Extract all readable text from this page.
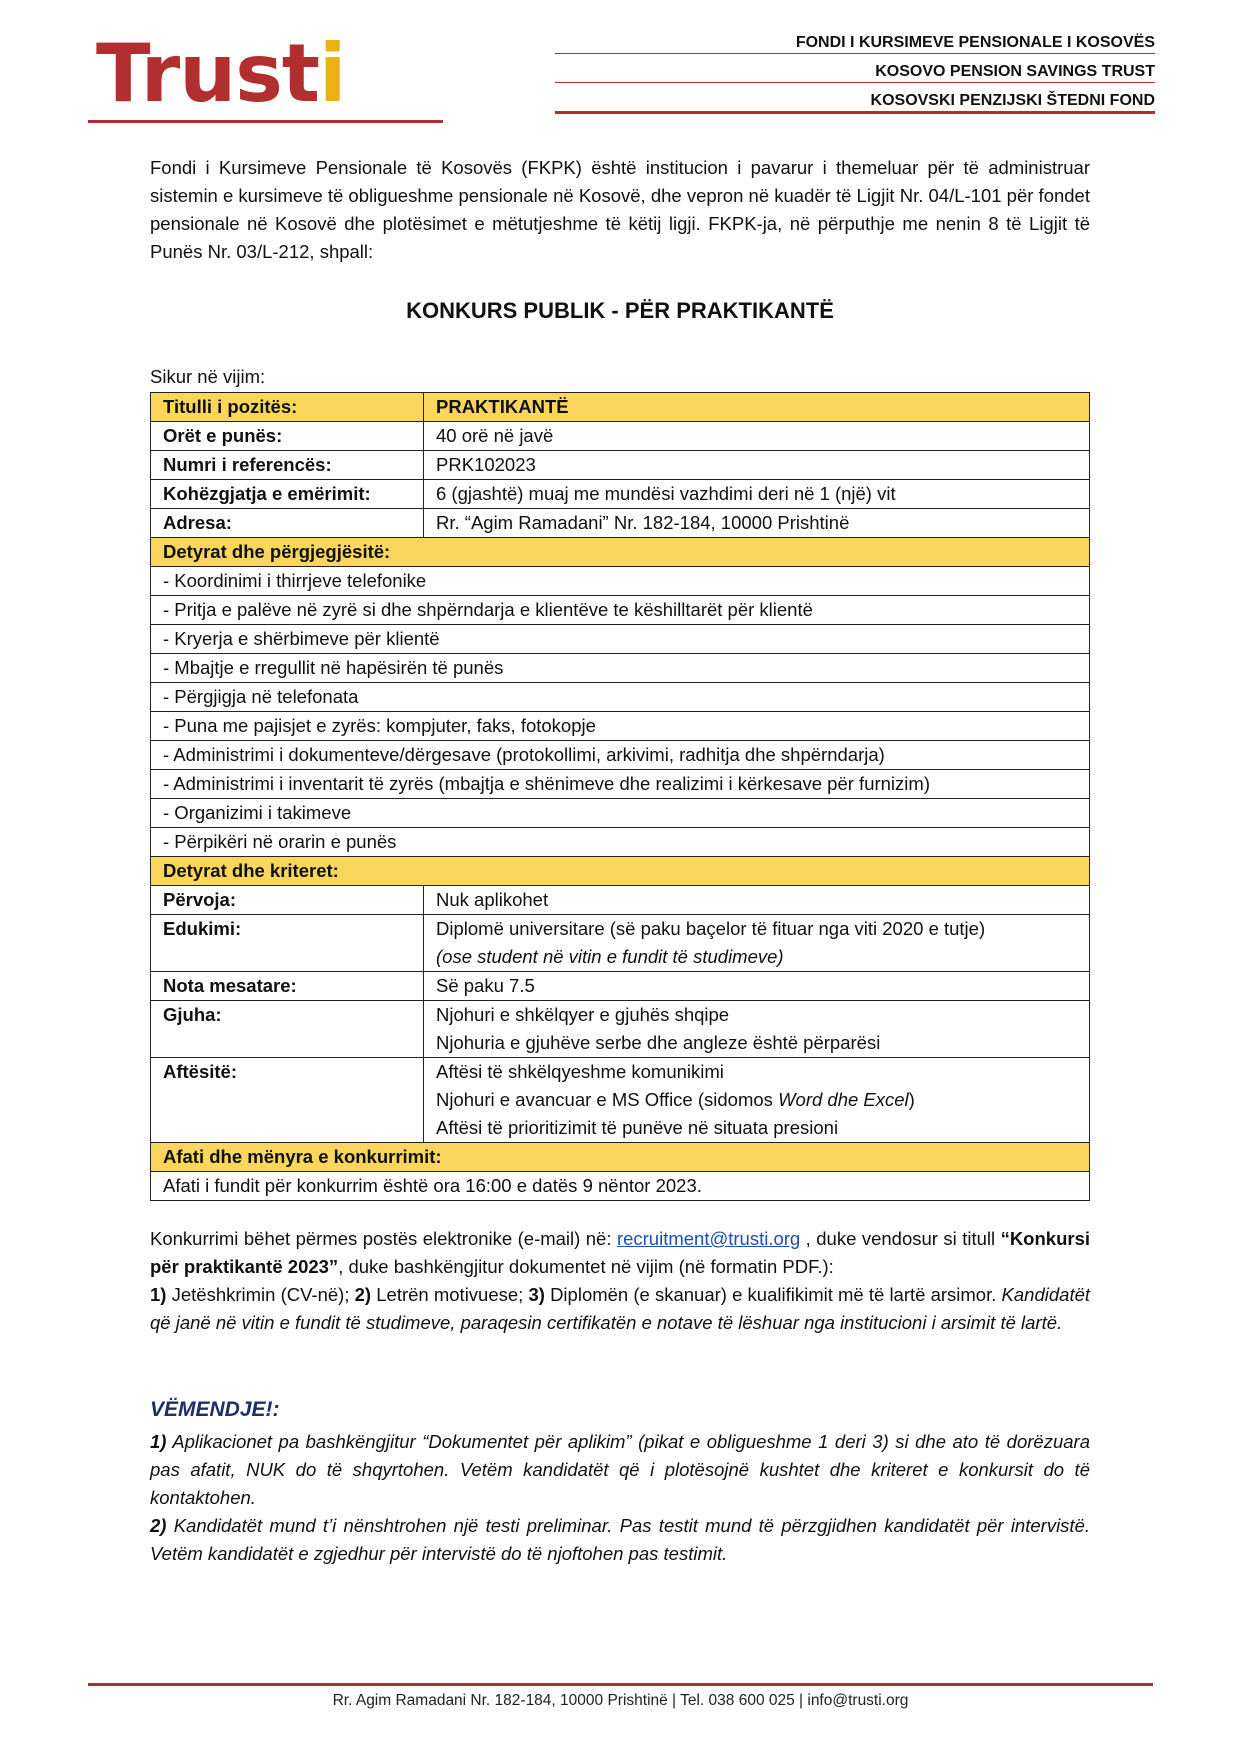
Trusti	FONDI I KURSIMEVE PENSIONALE I KOSOVËS
KOSOVO PENSION SAVINGS TRUST
KOSOVSKI PENZIJSKI ŠTEDNI FOND
Fondi i Kursimeve Pensionale të Kosovës (FKPK) është institucion i pavarur i themeluar për të administruar sistemin e kursimeve të obligueshme pensionale në Kosovë, dhe vepron në kuadër të Ligjit Nr. 04/L-101 për fondet pensionale në Kosovë dhe plotësimet e mëtutjeshme të këtij ligji. FKPK-ja, në përputhje me nenin 8 të Ligjit të Punës Nr. 03/L-212, shpall:
KONKURS PUBLIK - PËR PRAKTIKANTË
Sikur në vijim:
Titulli i pozitës:	PRAKTIKANTË
Orët e punës:	40 orë në javë
Numri i referencës:	PRK102023
Kohëzgjatja e emërimit:	6 (gjashtë) muaj me mundësi vazhdimi deri në 1 (një) vit
Adresa:	Rr. “Agim Ramadani” Nr. 182-184, 10000 Prishtinë
Detyrat dhe përgjegjësitë:	
- Koordinimi i thirrjeve telefonike	
- Pritja e palëve në zyrë si dhe shpërndarja e klientëve te këshilltarët për klientë	
- Kryerja e shërbimeve për klientë	
- Mbajtje e rregullit në hapësirën të punës	
- Përgjigja në telefonata	
- Puna me pajisjet e zyrës: kompjuter, faks, fotokopje	
- Administrimi i dokumenteve/dërgesave (protokollimi, arkivimi, radhitja dhe shpërndarja)	
- Administrimi i inventarit të zyrës (mbajtja e shënimeve dhe realizimi i kërkesave për furnizim)	
- Organizimi i takimeve	
- Përpikëri në orarin e punës	
Detyrat dhe kriteret:	
Përvoja:	Nuk aplikohet
Edukimi:	Diplomë universitare (së paku baçelor të fituar nga viti 2020 e tutje)
(ose student në vitin e fundit të studimeve)

Nota mesatare:	Së paku 7.5
Gjuha:	Njohuri e shkëlqyer e gjuhës shqipe
Njohuria e gjuhëve serbe dhe angleze është përparësi

Aftësitë:	Aftësi të shkëlqyeshme komunikimi
Njohuri e avancuar e MS Office (sidomos Word dhe Excel)
Aftësi të prioritizimit të punëve në situata presioni

Afati dhe mënyra e konkurrimit:	
Afati i fundit për konkurrim është ora 16:00 e datës 9 nëntor 2023.	
Konkurrimi bëhet përmes postës elektronike (e-mail) në: recruitment@trusti.org , duke vendosur si titull “Konkursi për praktikantë 2023”, duke bashkëngjitur dokumentet në vijim (në formatin PDF.):
1) Jetëshkrimin (CV-në); 2) Letrën motivuese; 3) Diplomën (e skanuar) e kualifikimit më të lartë arsimor. Kandidatët që janë në vitin e fundit të studimeve, paraqesin certifikatën e notave të lëshuar nga institucioni i arsimit të lartë.
VËMENDJE!:
1) Aplikacionet pa bashkëngjitur “Dokumentet për aplikim” (pikat e obligueshme 1 deri 3) si dhe ato të dorëzuara pas afatit, NUK do të shqyrtohen. Vetëm kandidatët që i plotësojnë kushtet dhe kriteret e konkursit do të kontaktohen.
2) Kandidatët mund t’i nënshtrohen një testi preliminar. Pas testit mund të përzgjidhen kandidatët për intervistë. Vetëm kandidatët e zgjedhur për intervistë do të njoftohen pas testimit.
Rr. Agim Ramadani Nr. 182-184, 10000 Prishtinë | Tel. 038 600 025 | info@trusti.org
